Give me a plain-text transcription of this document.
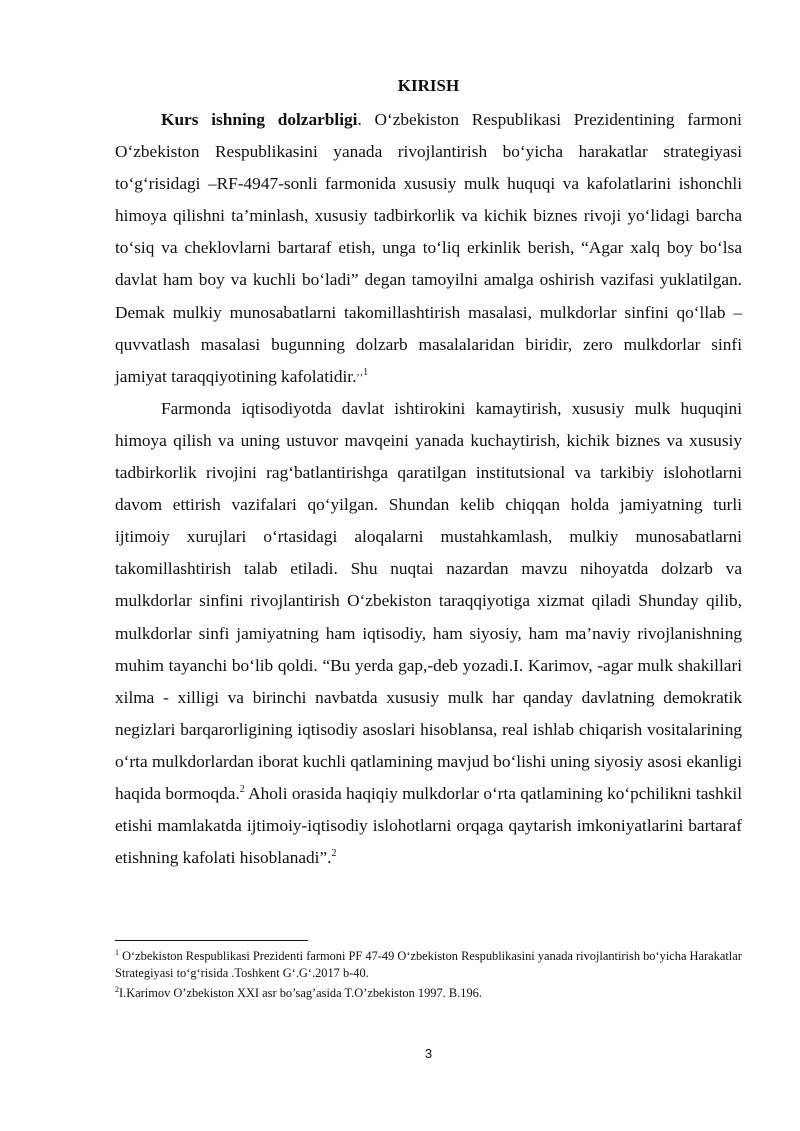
KIRISH

Kurs ishning dolzarbligi. O‘zbekiston Respublikasi Prezidentining farmoni O‘zbekiston Respublikasini yanada rivojlantirish bo‘yicha harakatlar strategiyasi to‘g‘risidagi –RF-4947-sonli farmonida xususiy mulk huquqi va kafolatlarini ishonchli himoya qilishni ta’minlash, xususiy tadbirkorlik va kichik biznes rivoji yo‘lidagi barcha to‘siq va cheklovlarni bartaraf etish, unga to‘liq erkinlik berish, “Agar xalq boy bo‘lsa davlat ham boy va kuchli bo‘ladi” degan tamoyilni amalga oshirish vazifasi yuklatilgan. Demak mulkiy munosabatlarni takomillashtirish masalasi, mulkdorlar sinfini qo‘llab – quvvatlash masalasi bugunning dolzarb masalalaridan biridir, zero mulkdorlar sinfi jamiyat taraqqiyotining kafolatidir.$^{‚‚1}$

Farmonda iqtisodiyotda davlat ishtirokini kamaytirish, xususiy mulk huquqini himoya qilish va uning ustuvor mavqeini yanada kuchaytirish, kichik biznes va xususiy tadbirkorlik rivojini rag‘batlantirishga qaratilgan institutsional va tarkibiy islohotlarni davom ettirish vazifalari qo‘yilgan. Shundan kelib chiqqan holda jamiyatning turli ijtimoiy xurujlari o‘rtasidagi aloqalarni mustahkamlash, mulkiy munosabatlarni takomillashtirish talab etiladi. Shu nuqtai nazardan mavzu nihoyatda dolzarb va mulkdorlar sinfini rivojlantirish O‘zbekiston taraqqiyotiga xizmat qiladi Shunday qilib, mulkdorlar sinfi jamiyatning ham iqtisodiy, ham siyosiy, ham ma’naviy rivojlanishning muhim tayanchi bo‘lib qoldi. “Bu yerda gap,-deb yozadi.I. Karimov, -agar mulk shakillari xilma - xilligi va birinchi navbatda xususiy mulk har qanday davlatning demokratik negizlari barqarorligining iqtisodiy asoslari hisoblansa, real ishlab chiqarish vositalarining o‘rta mulkdorlardan iborat kuchli qatlamining mavjud bo‘lishi uning siyosiy asosi ekanligi haqida bormoqda.$^2$ Aholi orasida haqiqiy mulkdorlar o‘rta qatlamining ko‘pchilikni tashkil etishi mamlakatda ijtimoiy-iqtisodiy islohotlarni orqaga qaytarish imkoniyatlarini bartaraf etishning kafolati hisoblanadi”.$^2$

$^1$ O‘zbekiston Respublikasi Prezidenti farmoni PF 47-49 O‘zbekiston Respublikasini yanada rivojlantirish bo‘yicha Harakatlar Strategiyasi to‘g‘risida .Toshkent G‘.G‘.2017 b-40.

$^2$I.Karimov O’zbekiston XXI asr bo’sag’asida T.O’zbekiston 1997. B.196.

3
